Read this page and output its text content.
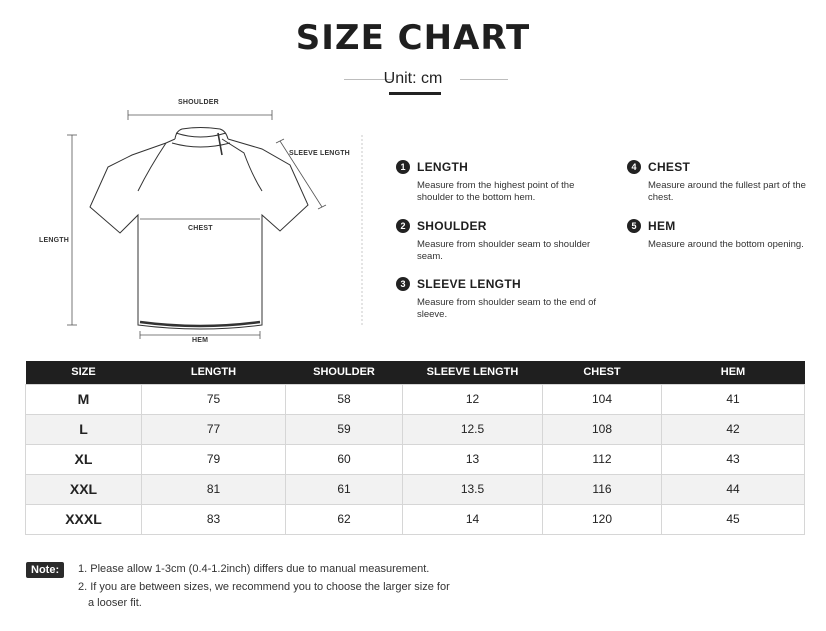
SIZE CHART
Unit: cm
SHOULDER
SLEEVE LENGTH
LENGTH
CHEST
HEM
1 LENGTH
Measure from the highest point of the shoulder to the bottom hem.
2 SHOULDER
Measure from shoulder seam to shoulder seam.
3 SLEEVE LENGTH
Measure from shoulder seam to the end of sleeve.
4 CHEST
Measure around the fullest part of the chest.
5 HEM
Measure around the bottom opening.
SIZE	LENGTH	SHOULDER	SLEEVE LENGTH	CHEST	HEM
M	75	58	12	104	41
L	77	59	12.5	108	42
XL	79	60	13	112	43
XXL	81	61	13.5	116	44
XXXL	83	62	14	120	45
Note:	1. Please allow 1-3cm (0.4-1.2inch) differs due to manual measurement.
2. If you are between sizes, we recommend you to choose the larger size for
a looser fit.
